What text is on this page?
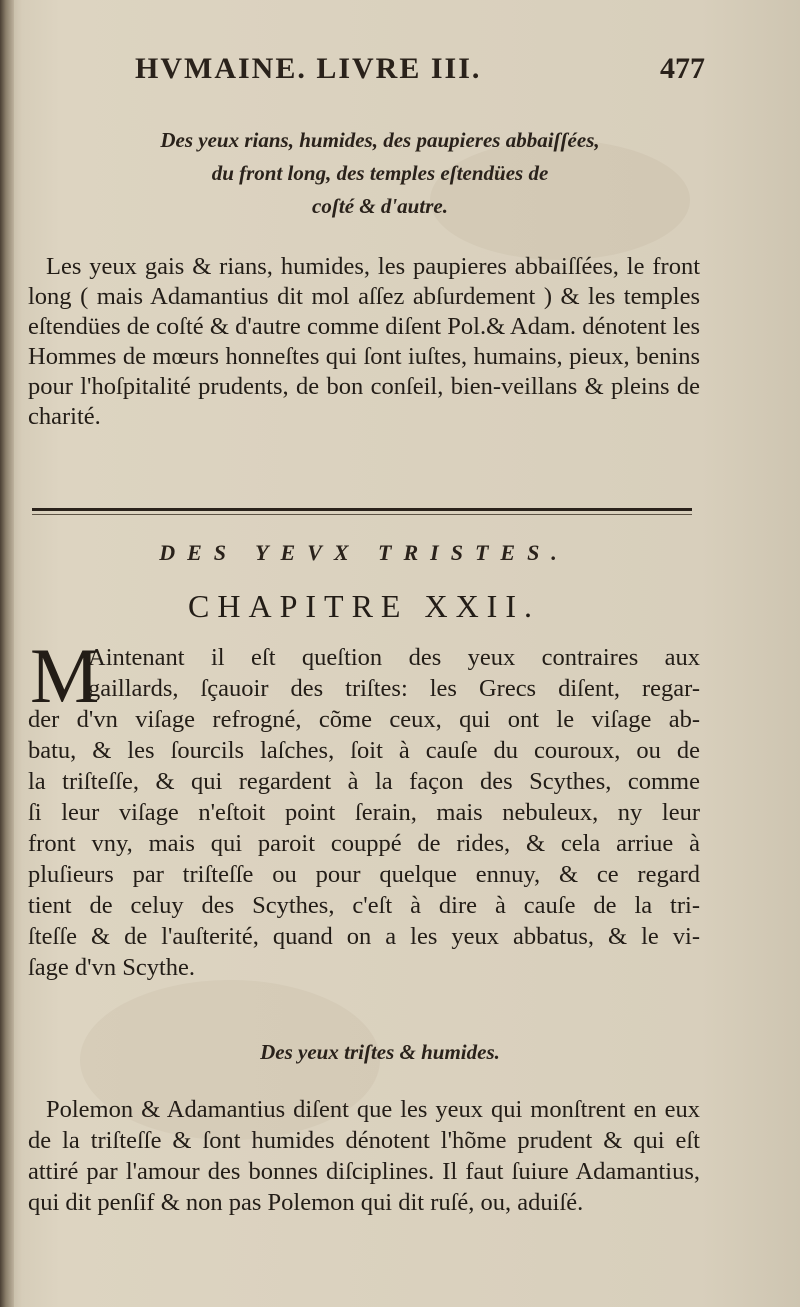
HVMAINE. LIVRE III.	477
Des yeux rians, humides, des paupieres abbaiſſées,
du front long, des temples eſtendües de
coſté & d'autre.
Les yeux gais & rians, humides, les paupieres abbaiſſées, le front long ( mais Adamantius dit mol aſſez abſurdement ) & les temples eſtendües de coſté & d'autre comme diſent Pol.& Adam. dénotent les Hommes de mœurs honneſtes qui ſont iuſtes, humains, pieux, benins pour l'hoſpitalité prudents, de bon conſeil, bien-veillans & pleins de charité.
DES YEVX TRISTES.
CHAPITRE XXII.
M
Aintenant il eſt queſtion des yeux contraires aux
gaillards, ſçauoir des triſtes: les Grecs diſent, regar-
der d'vn viſage refrogné, cõme ceux, qui ont le viſage ab-
batu, & les ſourcils laſches, ſoit à cauſe du couroux, ou de
la triſteſſe, & qui regardent à la façon des Scythes, comme
ſi leur viſage n'eſtoit point ſerain, mais nebuleux, ny leur
front vny, mais qui paroit couppé de rides, & cela arriue à
pluſieurs par triſteſſe ou pour quelque ennuy, & ce regard
tient de celuy des Scythes, c'eſt à dire à cauſe de la tri-
ſteſſe & de l'auſterité, quand on a les yeux abbatus, & le vi-
ſage d'vn Scythe.
Des yeux triſtes & humides.
Polemon & Adamantius diſent que les yeux qui monſtrent en eux de la triſteſſe & ſont humides dénotent l'hõme prudent & qui eſt attiré par l'amour des bonnes diſciplines. Il faut ſuiure Adamantius, qui dit penſif & non pas Polemon qui dit ruſé, ou, aduiſé.
